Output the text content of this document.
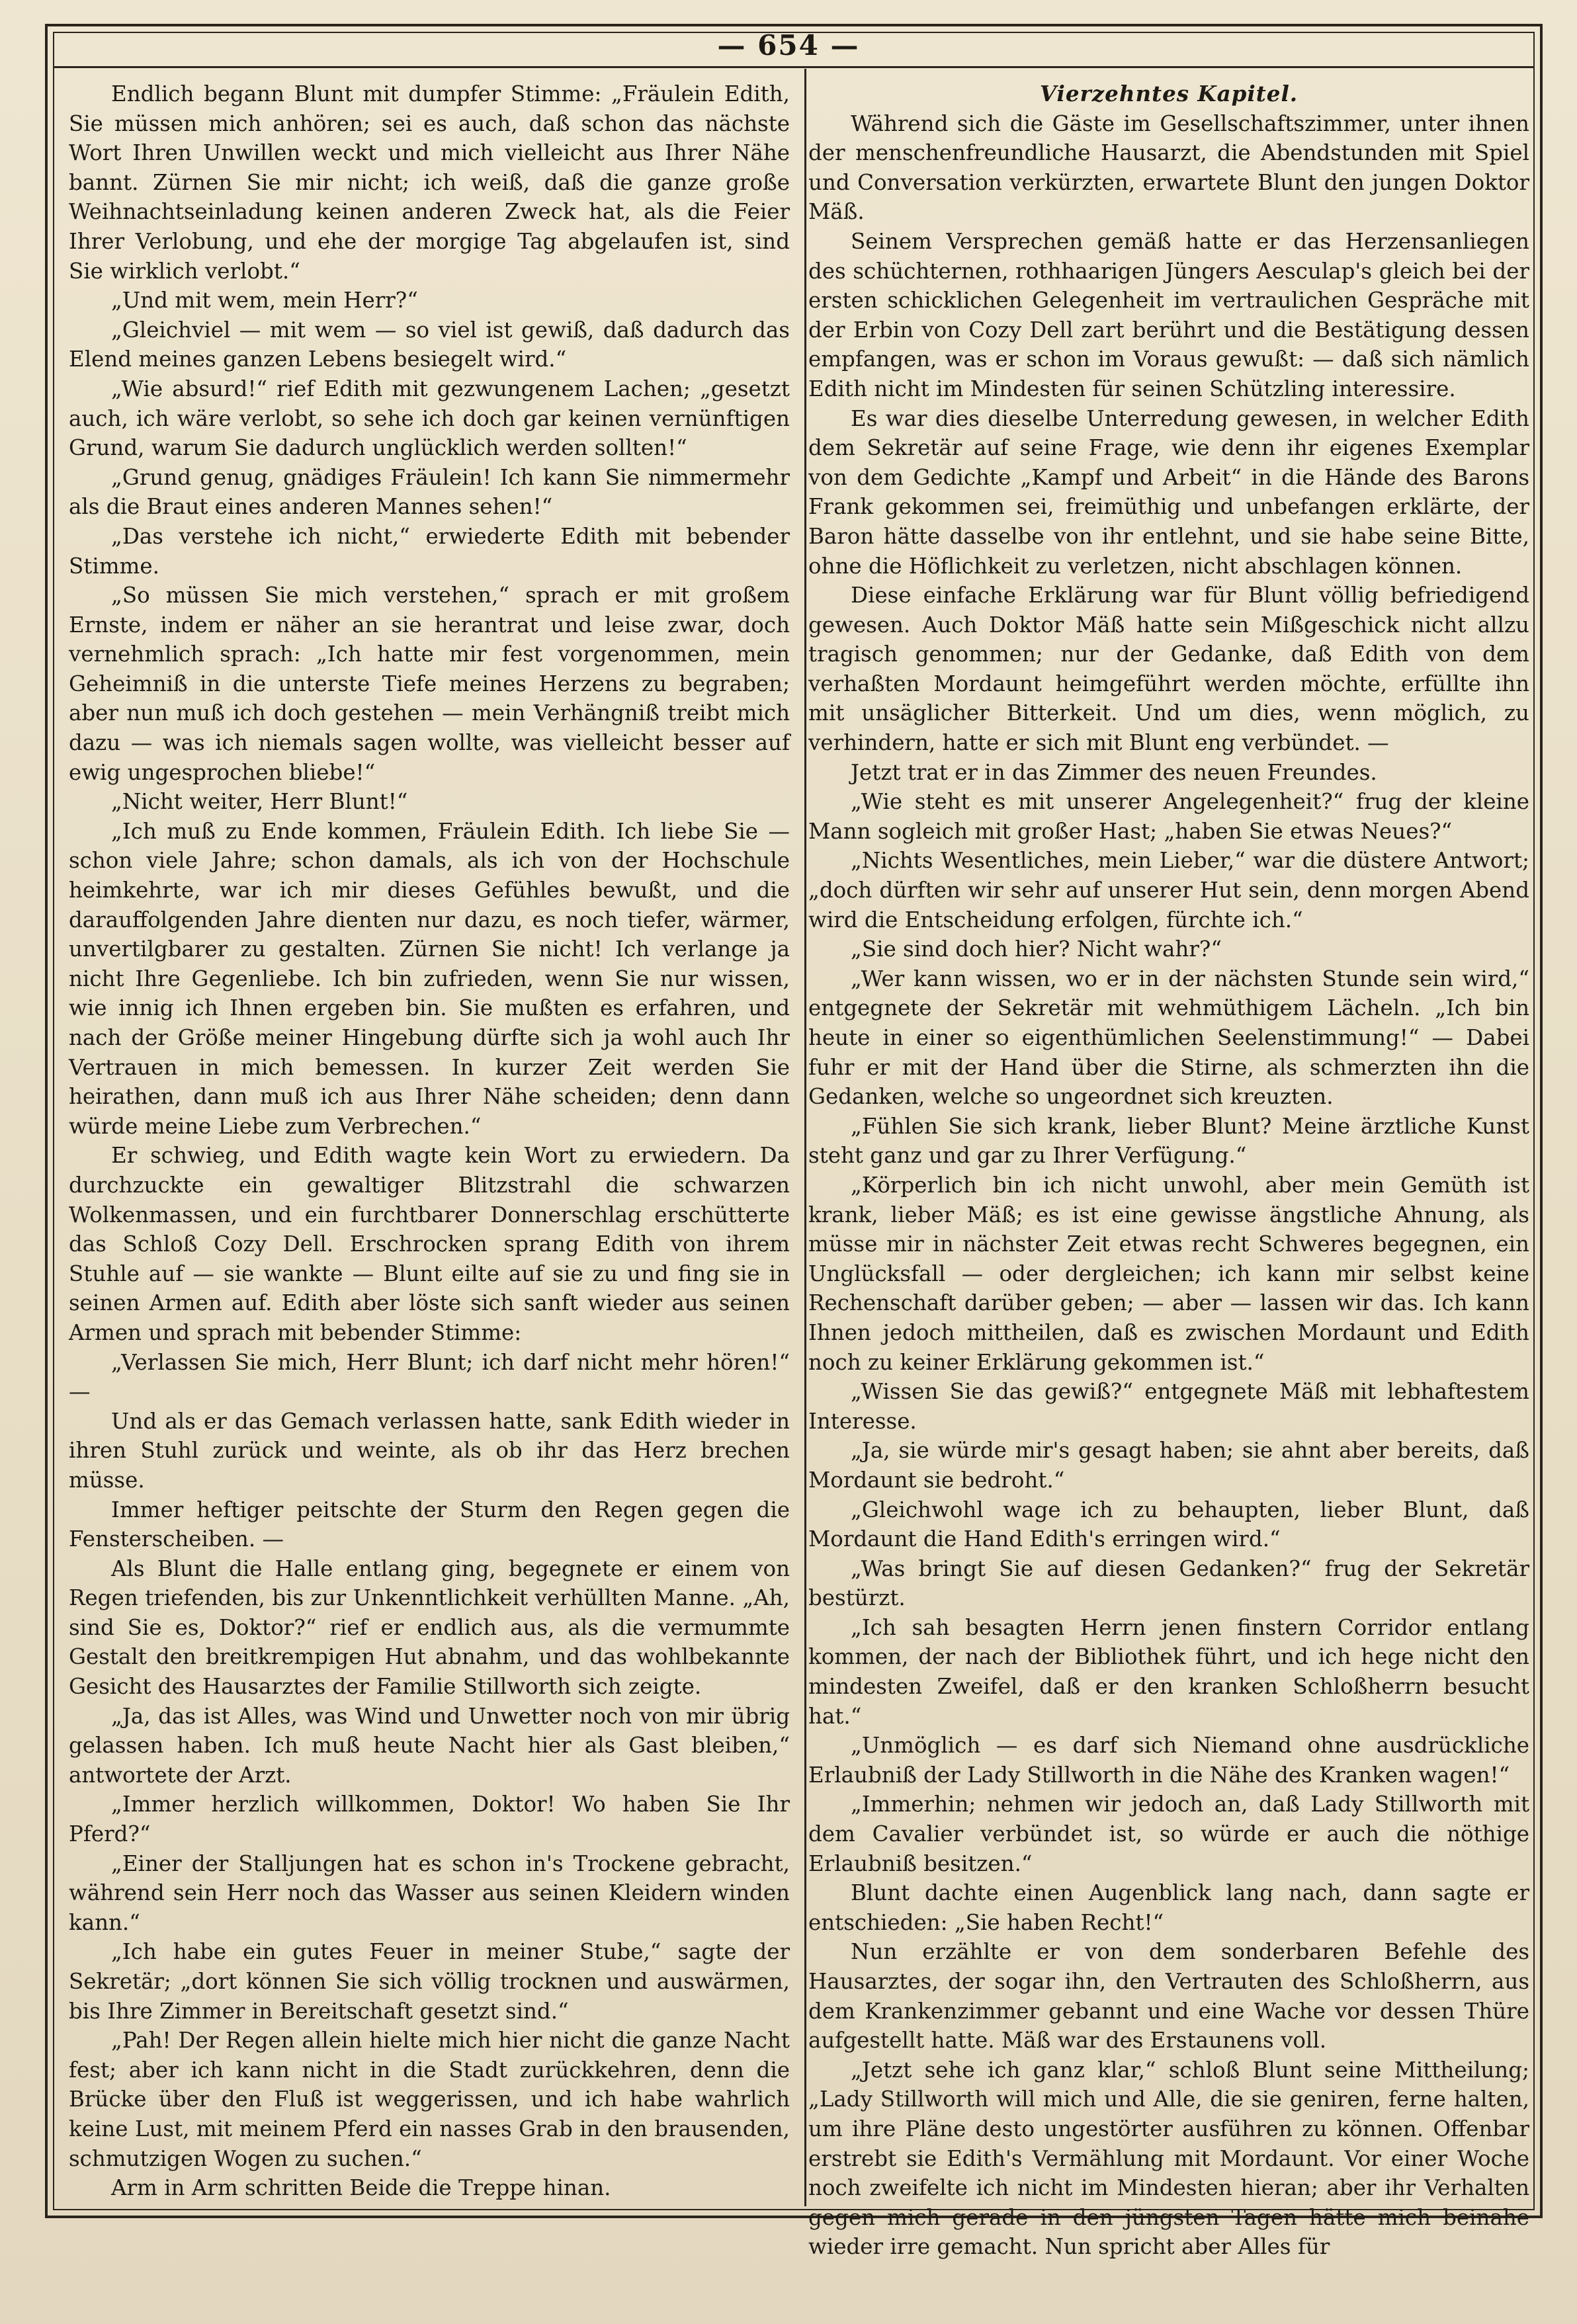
— 654 —

Endlich begann Blunt mit dumpfer Stimme: „Fräulein Edith, Sie müssen mich anhören; sei es auch, daß schon das nächste Wort Ihren Unwillen weckt und mich vielleicht aus Ihrer Nähe bannt. Zürnen Sie mir nicht; ich weiß, daß die ganze große Weihnachtseinladung keinen anderen Zweck hat, als die Feier Ihrer Verlobung, und ehe der morgige Tag abgelaufen ist, sind Sie wirklich verlobt.“

„Und mit wem, mein Herr?“

„Gleichviel — mit wem — so viel ist gewiß, daß dadurch das Elend meines ganzen Lebens besiegelt wird.“

„Wie absurd!“ rief Edith mit gezwungenem Lachen; „gesetzt auch, ich wäre verlobt, so sehe ich doch gar keinen vernünftigen Grund, warum Sie dadurch unglücklich werden sollten!“

„Grund genug, gnädiges Fräulein! Ich kann Sie nimmermehr als die Braut eines anderen Mannes sehen!“

„Das verstehe ich nicht,“ erwiederte Edith mit bebender Stimme.

„So müssen Sie mich verstehen,“ sprach er mit großem Ernste, indem er näher an sie herantrat und leise zwar, doch vernehmlich sprach: „Ich hatte mir fest vorgenommen, mein Geheimniß in die unterste Tiefe meines Herzens zu begraben; aber nun muß ich doch gestehen — mein Verhängniß treibt mich dazu — was ich niemals sagen wollte, was vielleicht besser auf ewig ungesprochen bliebe!“

„Nicht weiter, Herr Blunt!“

„Ich muß zu Ende kommen, Fräulein Edith. Ich liebe Sie — schon viele Jahre; schon damals, als ich von der Hochschule heimkehrte, war ich mir dieses Gefühles bewußt, und die darauffolgenden Jahre dienten nur dazu, es noch tiefer, wärmer, unvertilgbarer zu gestalten. Zürnen Sie nicht! Ich verlange ja nicht Ihre Gegenliebe. Ich bin zufrieden, wenn Sie nur wissen, wie innig ich Ihnen ergeben bin. Sie mußten es erfahren, und nach der Größe meiner Hingebung dürfte sich ja wohl auch Ihr Vertrauen in mich bemessen. In kurzer Zeit werden Sie heirathen, dann muß ich aus Ihrer Nähe scheiden; denn dann würde meine Liebe zum Verbrechen.“

Er schwieg, und Edith wagte kein Wort zu erwiedern. Da durchzuckte ein gewaltiger Blitzstrahl die schwarzen Wolkenmassen, und ein furchtbarer Donnerschlag erschütterte das Schloß Cozy Dell. Erschrocken sprang Edith von ihrem Stuhle auf — sie wankte — Blunt eilte auf sie zu und fing sie in seinen Armen auf. Edith aber löste sich sanft wieder aus seinen Armen und sprach mit bebender Stimme:

„Verlassen Sie mich, Herr Blunt; ich darf nicht mehr hören!“ —

Und als er das Gemach verlassen hatte, sank Edith wieder in ihren Stuhl zurück und weinte, als ob ihr das Herz brechen müsse.

Immer heftiger peitschte der Sturm den Regen gegen die Fensterscheiben. —

Als Blunt die Halle entlang ging, begegnete er einem von Regen triefenden, bis zur Unkenntlichkeit verhüllten Manne. „Ah, sind Sie es, Doktor?“ rief er endlich aus, als die vermummte Gestalt den breitkrempigen Hut abnahm, und das wohlbekannte Gesicht des Hausarztes der Familie Stillworth sich zeigte.

„Ja, das ist Alles, was Wind und Unwetter noch von mir übrig gelassen haben. Ich muß heute Nacht hier als Gast bleiben,“ antwortete der Arzt.

„Immer herzlich willkommen, Doktor! Wo haben Sie Ihr Pferd?“

„Einer der Stalljungen hat es schon in's Trockene gebracht, während sein Herr noch das Wasser aus seinen Kleidern winden kann.“

„Ich habe ein gutes Feuer in meiner Stube,“ sagte der Sekretär; „dort können Sie sich völlig trocknen und auswärmen, bis Ihre Zimmer in Bereitschaft gesetzt sind.“

„Pah! Der Regen allein hielte mich hier nicht die ganze Nacht fest; aber ich kann nicht in die Stadt zurückkehren, denn die Brücke über den Fluß ist weggerissen, und ich habe wahrlich keine Lust, mit meinem Pferd ein nasses Grab in den brausenden, schmutzigen Wogen zu suchen.“

Arm in Arm schritten Beide die Treppe hinan.

Vierzehntes Kapitel.

Während sich die Gäste im Gesellschaftszimmer, unter ihnen der menschenfreundliche Hausarzt, die Abendstunden mit Spiel und Conversation verkürzten, erwartete Blunt den jungen Doktor Mäß.

Seinem Versprechen gemäß hatte er das Herzensanliegen des schüchternen, rothhaarigen Jüngers Aesculap's gleich bei der ersten schicklichen Gelegenheit im vertraulichen Gespräche mit der Erbin von Cozy Dell zart berührt und die Bestätigung dessen empfangen, was er schon im Voraus gewußt: — daß sich nämlich Edith nicht im Mindesten für seinen Schützling interessire.

Es war dies dieselbe Unterredung gewesen, in welcher Edith dem Sekretär auf seine Frage, wie denn ihr eigenes Exemplar von dem Gedichte „Kampf und Arbeit“ in die Hände des Barons Frank gekommen sei, freimüthig und unbefangen erklärte, der Baron hätte dasselbe von ihr entlehnt, und sie habe seine Bitte, ohne die Höflichkeit zu verletzen, nicht abschlagen können.

Diese einfache Erklärung war für Blunt völlig befriedigend gewesen. Auch Doktor Mäß hatte sein Mißgeschick nicht allzu tragisch genommen; nur der Gedanke, daß Edith von dem verhaßten Mordaunt heimgeführt werden möchte, erfüllte ihn mit unsäglicher Bitterkeit. Und um dies, wenn möglich, zu verhindern, hatte er sich mit Blunt eng verbündet. —

Jetzt trat er in das Zimmer des neuen Freundes.

„Wie steht es mit unserer Angelegenheit?“ frug der kleine Mann sogleich mit großer Hast; „haben Sie etwas Neues?“

„Nichts Wesentliches, mein Lieber,“ war die düstere Antwort; „doch dürften wir sehr auf unserer Hut sein, denn morgen Abend wird die Entscheidung erfolgen, fürchte ich.“

„Sie sind doch hier? Nicht wahr?“

„Wer kann wissen, wo er in der nächsten Stunde sein wird,“ entgegnete der Sekretär mit wehmüthigem Lächeln. „Ich bin heute in einer so eigenthümlichen Seelenstimmung!“ — Dabei fuhr er mit der Hand über die Stirne, als schmerzten ihn die Gedanken, welche so ungeordnet sich kreuzten.

„Fühlen Sie sich krank, lieber Blunt? Meine ärztliche Kunst steht ganz und gar zu Ihrer Verfügung.“

„Körperlich bin ich nicht unwohl, aber mein Gemüth ist krank, lieber Mäß; es ist eine gewisse ängstliche Ahnung, als müsse mir in nächster Zeit etwas recht Schweres begegnen, ein Unglücksfall — oder dergleichen; ich kann mir selbst keine Rechenschaft darüber geben; — aber — lassen wir das. Ich kann Ihnen jedoch mittheilen, daß es zwischen Mordaunt und Edith noch zu keiner Erklärung gekommen ist.“

„Wissen Sie das gewiß?“ entgegnete Mäß mit lebhaftestem Interesse.

„Ja, sie würde mir's gesagt haben; sie ahnt aber bereits, daß Mordaunt sie bedroht.“

„Gleichwohl wage ich zu behaupten, lieber Blunt, daß Mordaunt die Hand Edith's erringen wird.“

„Was bringt Sie auf diesen Gedanken?“ frug der Sekretär bestürzt.

„Ich sah besagten Herrn jenen finstern Corridor entlang kommen, der nach der Bibliothek führt, und ich hege nicht den mindesten Zweifel, daß er den kranken Schloßherrn besucht hat.“

„Unmöglich — es darf sich Niemand ohne ausdrückliche Erlaubniß der Lady Stillworth in die Nähe des Kranken wagen!“

„Immerhin; nehmen wir jedoch an, daß Lady Stillworth mit dem Cavalier verbündet ist, so würde er auch die nöthige Erlaubniß besitzen.“

Blunt dachte einen Augenblick lang nach, dann sagte er entschieden: „Sie haben Recht!“

Nun erzählte er von dem sonderbaren Befehle des Hausarztes, der sogar ihn, den Vertrauten des Schloßherrn, aus dem Krankenzimmer gebannt und eine Wache vor dessen Thüre aufgestellt hatte. Mäß war des Erstaunens voll.

„Jetzt sehe ich ganz klar,“ schloß Blunt seine Mittheilung; „Lady Stillworth will mich und Alle, die sie geniren, ferne halten, um ihre Pläne desto ungestörter ausführen zu können. Offenbar erstrebt sie Edith's Vermählung mit Mordaunt. Vor einer Woche noch zweifelte ich nicht im Mindesten hieran; aber ihr Verhalten gegen mich gerade in den jüngsten Tagen hätte mich beinahe wieder irre gemacht. Nun spricht aber Alles für
